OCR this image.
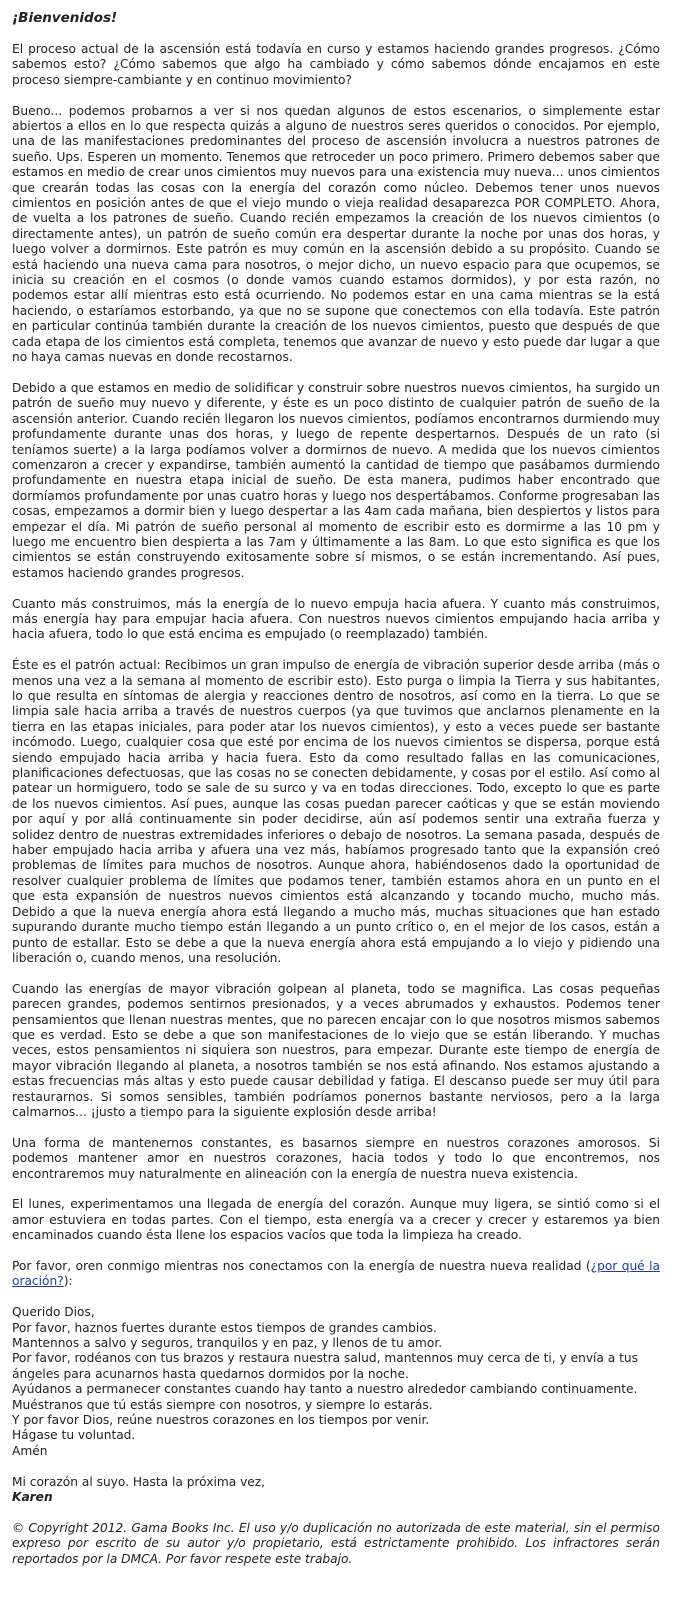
¡Bienvenidos!

El proceso actual de la ascensión está todavía en curso y estamos haciendo grandes progresos. ¿Cómo sabemos esto? ¿Cómo sabemos que algo ha cambiado y cómo sabemos dónde encajamos en este proceso siempre-cambiante y en continuo movimiento?

Bueno... podemos probarnos a ver si nos quedan algunos de estos escenarios, o simplemente estar abiertos a ellos en lo que respecta quizás a alguno de nuestros seres queridos o conocidos. Por ejemplo, una de las manifestaciones predominantes del proceso de ascensión involucra a nuestros patrones de sueño. Ups. Esperen un momento. Tenemos que retroceder un poco primero. Primero debemos saber que estamos en medio de crear unos cimientos muy nuevos para una existencia muy nueva... unos cimientos que crearán todas las cosas con la energía del corazón como núcleo. Debemos tener unos nuevos cimientos en posición antes de que el viejo mundo o vieja realidad desaparezca POR COMPLETO. Ahora, de vuelta a los patrones de sueño. Cuando recién empezamos la creación de los nuevos cimientos (o directamente antes), un patrón de sueño común era despertar durante la noche por unas dos horas, y luego volver a dormirnos. Este patrón es muy común en la ascensión debido a su propósito. Cuando se está haciendo una nueva cama para nosotros, o mejor dicho, un nuevo espacio para que ocupemos, se inicia su creación en el cosmos (o donde vamos cuando estamos dormidos), y por esta razón, no podemos estar allí mientras esto está ocurriendo. No podemos estar en una cama mientras se la está haciendo, o estaríamos estorbando, ya que no se supone que conectemos con ella todavía. Este patrón en particular continúa también durante la creación de los nuevos cimientos, puesto que después de que cada etapa de los cimientos está completa, tenemos que avanzar de nuevo y esto puede dar lugar a que no haya camas nuevas en donde recostarnos.

Debido a que estamos en medio de solidificar y construir sobre nuestros nuevos cimientos, ha surgido un patrón de sueño muy nuevo y diferente, y éste es un poco distinto de cualquier patrón de sueño de la ascensión anterior. Cuando recién llegaron los nuevos cimientos, podíamos encontrarnos durmiendo muy profundamente durante unas dos horas, y luego de repente despertarnos. Después de un rato (si teníamos suerte) a la larga podíamos volver a dormirnos de nuevo. A medida que los nuevos cimientos comenzaron a crecer y expandirse, también aumentó la cantidad de tiempo que pasábamos durmiendo profundamente en nuestra etapa inicial de sueño. De esta manera, pudimos haber encontrado que dormíamos profundamente por unas cuatro horas y luego nos despertábamos. Conforme progresaban las cosas, empezamos a dormir bien y luego despertar a las 4am cada mañana, bien despiertos y listos para empezar el día. Mi patrón de sueño personal al momento de escribir esto es dormirme a las 10 pm y luego me encuentro bien despierta a las 7am y últimamente a las 8am. Lo que esto significa es que los cimientos se están construyendo exitosamente sobre sí mismos, o se están incrementando. Así pues, estamos haciendo grandes progresos.

Cuanto más construimos, más la energía de lo nuevo empuja hacia afuera. Y cuanto más construimos, más energía hay para empujar hacia afuera. Con nuestros nuevos cimientos empujando hacia arriba y hacia afuera, todo lo que está encima es empujado (o reemplazado) también.

Éste es el patrón actual: Recibimos un gran impulso de energía de vibración superior desde arriba (más o menos una vez a la semana al momento de escribir esto). Esto purga o limpia la Tierra y sus habitantes, lo que resulta en síntomas de alergia y reacciones dentro de nosotros, así como en la tierra. Lo que se limpia sale hacia arriba a través de nuestros cuerpos (ya que tuvimos que anclarnos plenamente en la tierra en las etapas iniciales, para poder atar los nuevos cimientos), y esto a veces puede ser bastante incómodo. Luego, cualquier cosa que esté por encima de los nuevos cimientos se dispersa, porque está siendo empujado hacia arriba y hacia fuera. Esto da como resultado fallas en las comunicaciones, planificaciones defectuosas, que las cosas no se conecten debidamente, y cosas por el estilo. Así como al patear un hormiguero, todo se sale de su surco y va en todas direcciones. Todo, excepto lo que es parte de los nuevos cimientos. Así pues, aunque las cosas puedan parecer caóticas y que se están moviendo por aquí y por allá continuamente sin poder decidirse, aún así podemos sentir una extraña fuerza y solidez dentro de nuestras extremidades inferiores o debajo de nosotros. La semana pasada, después de haber empujado hacia arriba y afuera una vez más, habíamos progresado tanto que la expansión creó problemas de límites para muchos de nosotros. Aunque ahora, habiéndosenos dado la oportunidad de resolver cualquier problema de límites que podamos tener, también estamos ahora en un punto en el que esta expansión de nuestros nuevos cimientos está alcanzando y tocando mucho, mucho más. Debido a que la nueva energía ahora está llegando a mucho más, muchas situaciones que han estado supurando durante mucho tiempo están llegando a un punto crítico o, en el mejor de los casos, están a punto de estallar. Esto se debe a que la nueva energía ahora está empujando a lo viejo y pidiendo una liberación o, cuando menos, una resolución.

Cuando las energías de mayor vibración golpean al planeta, todo se magnifica. Las cosas pequeñas parecen grandes, podemos sentirnos presionados, y a veces abrumados y exhaustos. Podemos tener pensamientos que llenan nuestras mentes, que no parecen encajar con lo que nosotros mismos sabemos que es verdad. Esto se debe a que son manifestaciones de lo viejo que se están liberando. Y muchas veces, estos pensamientos ni siquiera son nuestros, para empezar. Durante este tiempo de energía de mayor vibración llegando al planeta, a nosotros también se nos está afinando. Nos estamos ajustando a estas frecuencias más altas y esto puede causar debilidad y fatiga. El descanso puede ser muy útil para restaurarnos. Si somos sensibles, también podríamos ponernos bastante nerviosos, pero a la larga calmarnos... ¡justo a tiempo para la siguiente explosión desde arriba!

Una forma de mantenernos constantes, es basarnos siempre en nuestros corazones amorosos. Si podemos mantener amor en nuestros corazones, hacia todos y todo lo que encontremos, nos encontraremos muy naturalmente en alineación con la energía de nuestra nueva existencia.

El lunes, experimentamos una llegada de energía del corazón. Aunque muy ligera, se sintió como si el amor estuviera en todas partes. Con el tiempo, esta energía va a crecer y crecer y estaremos ya bien encaminados cuando ésta llene los espacios vacíos que toda la limpieza ha creado.

Por favor, oren conmigo mientras nos conectamos con la energía de nuestra nueva realidad (¿por qué la oración?):

Querido Dios,
Por favor, haznos fuertes durante estos tiempos de grandes cambios.
Mantennos a salvo y seguros, tranquilos y en paz, y llenos de tu amor.
Por favor, rodéanos con tus brazos y restaura nuestra salud, mantennos muy cerca de ti, y envía a tus ángeles para acunarnos hasta quedarnos dormidos por la noche.
Ayúdanos a permanecer constantes cuando hay tanto a nuestro alrededor cambiando continuamente.
Muéstranos que tú estás siempre con nosotros, y siempre lo estarás.
Y por favor Dios, reúne nuestros corazones en los tiempos por venir.
Hágase tu voluntad.
Amén
Mi corazón al suyo. Hasta la próxima vez,
Karen

© Copyright 2012. Gama Books Inc. El uso y/o duplicación no autorizada de este material, sin el permiso expreso por escrito de su autor y/o propietario, está estrictamente prohibido. Los infractores serán reportados por la DMCA. Por favor respete este trabajo.
